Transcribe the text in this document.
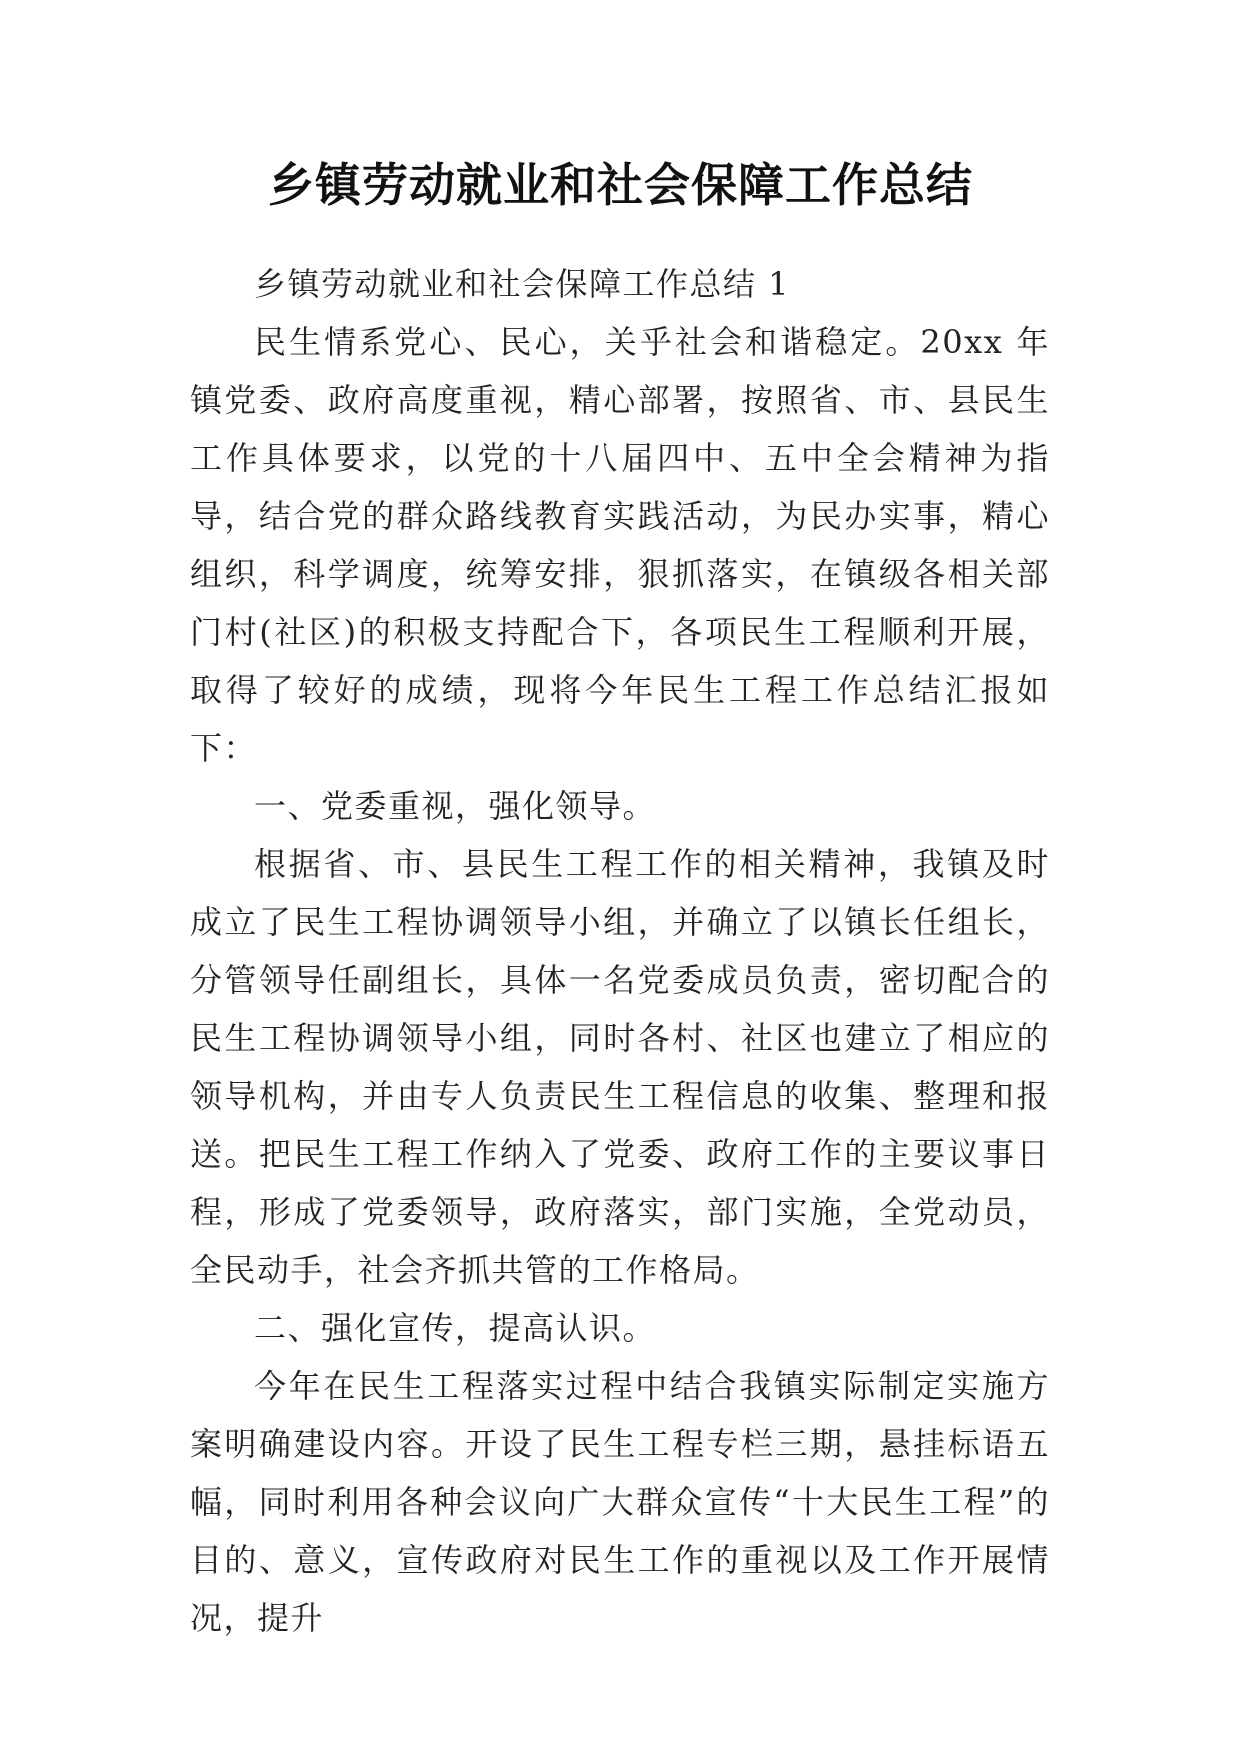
乡镇劳动就业和社会保障工作总结

乡镇劳动就业和社会保障工作总结 1

民生情系党心、民心，关乎社会和谐稳定。20xx 年镇党委、政府高度重视，精心部署，按照省、市、县民生工作具体要求，以党的十八届四中、五中全会精神为指导，结合党的群众路线教育实践活动，为民办实事，精心组织，科学调度，统筹安排，狠抓落实，在镇级各相关部门村(社区)的积极支持配合下，各项民生工程顺利开展，取得了较好的成绩，现将今年民生工程工作总结汇报如下：

一、党委重视，强化领导。

根据省、市、县民生工程工作的相关精神，我镇及时成立了民生工程协调领导小组，并确立了以镇长任组长，分管领导任副组长，具体一名党委成员负责，密切配合的民生工程协调领导小组，同时各村、社区也建立了相应的领导机构，并由专人负责民生工程信息的收集、整理和报送。把民生工程工作纳入了党委、政府工作的主要议事日程，形成了党委领导，政府落实，部门实施，全党动员，全民动手，社会齐抓共管的工作格局。

二、强化宣传，提高认识。

今年在民生工程落实过程中结合我镇实际制定实施方案明确建设内容。开设了民生工程专栏三期，悬挂标语五幅，同时利用各种会议向广大群众宣传“十大民生工程”的目的、意义，宣传政府对民生工作的重视以及工作开展情况，提升
